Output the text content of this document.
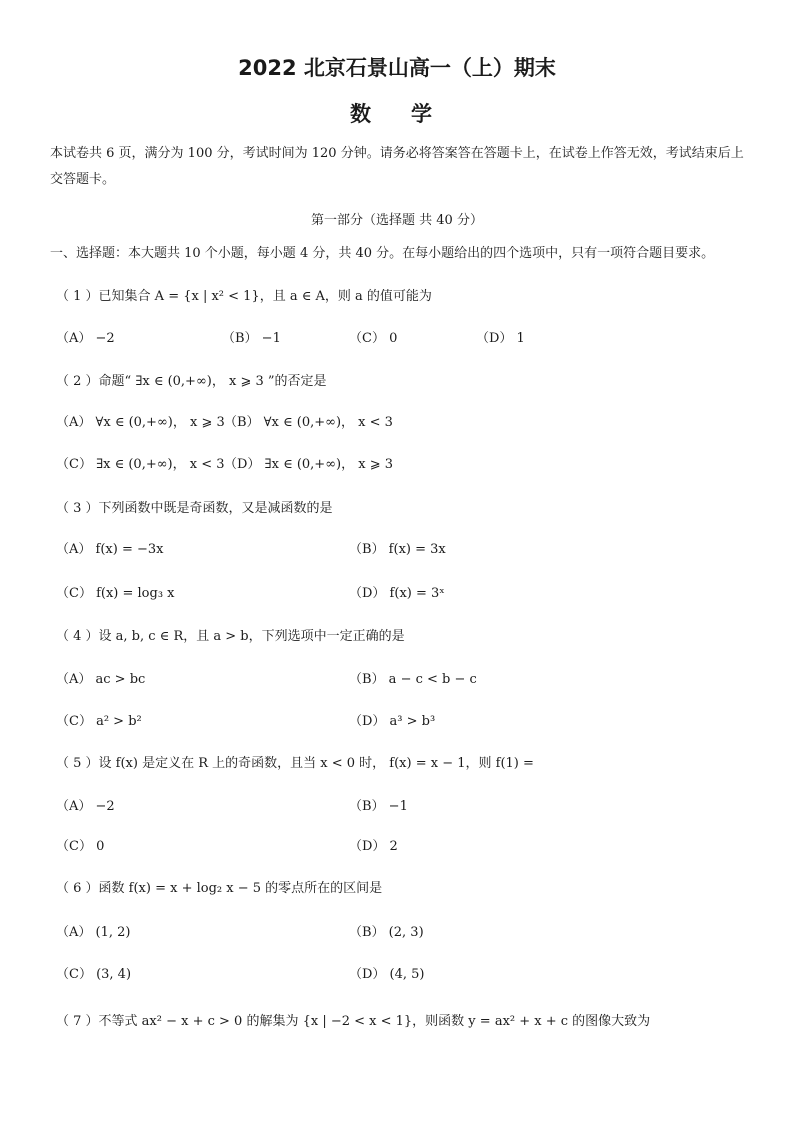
2022 北京石景山高一（上）期末
数学
本试卷共 6 页，满分为 100 分，考试时间为 120 分钟。请务必将答案答在答题卡上，在试卷上作答无效，考试结束后上交答题卡。
第一部分（选择题 共 40 分）
一、选择题：本大题共 10 个小题，每小题 4 分，共 40 分。在每小题给出的四个选项中，只有一项符合题目要求。
（ 1 ）已知集合 A = {x | x² < 1}，且 a ∈ A，则 a 的值可能为
（A） −2	（B） −1	（C） 0	（D） 1
（ 2 ）命题“ ∃x ∈ (0,+∞)， x ⩾ 3 ”的否定是
（A） ∀x ∈ (0,+∞)， x ⩾ 3 （B） ∀x ∈ (0,+∞)， x < 3
（C） ∃x ∈ (0,+∞)， x < 3 （D） ∃x ∈ (0,+∞)， x ⩾ 3
（ 3 ）下列函数中既是奇函数，又是减函数的是
（A） f(x) = −3x	（B） f(x) = 3x
（C） f(x) = log₃ x	（D） f(x) = 3ˣ
（ 4 ）设 a, b, c ∈ R，且 a > b，下列选项中一定正确的是
（A） ac > bc	（B） a − c < b − c
（C） a² > b²	（D） a³ > b³
（ 5 ）设 f(x) 是定义在 R 上的奇函数，且当 x < 0 时， f(x) = x − 1，则 f(1) =
（A） −2	（B） −1
（C） 0	（D） 2
（ 6 ）函数 f(x) = x + log₂ x − 5 的零点所在的区间是
（A） (1, 2)	（B） (2, 3)
（C） (3, 4)	（D） (4, 5)
（ 7 ）不等式 ax² − x + c > 0 的解集为 {x | −2 < x < 1}，则函数 y = ax² + x + c 的图像大致为
